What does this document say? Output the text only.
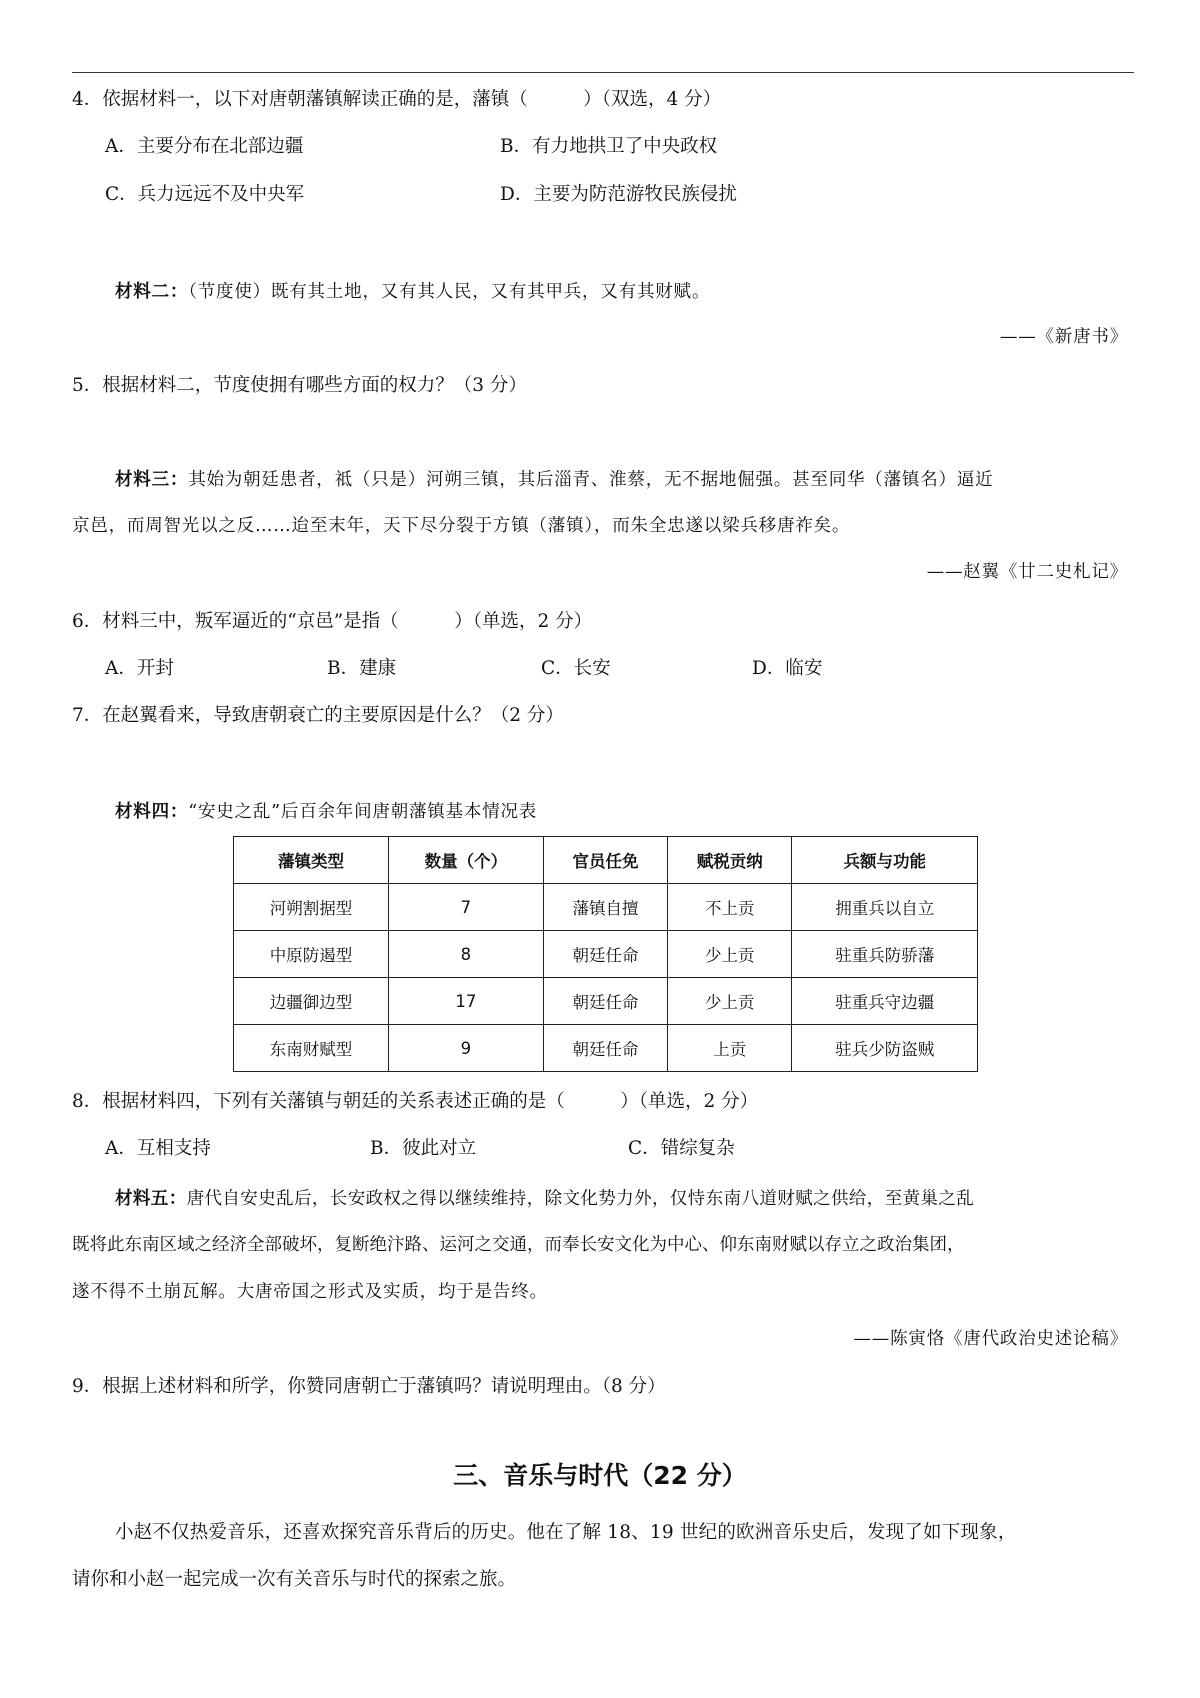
4．依据材料一，以下对唐朝藩镇解读正确的是，藩镇（　　　）（双选，4 分）
A．主要分布在北部边疆	B．有力地拱卫了中央政权
C．兵力远远不及中央军	D．主要为防范游牧民族侵扰
材料二：（节度使）既有其土地，又有其人民，又有其甲兵，又有其财赋。
——《新唐书》
5．根据材料二，节度使拥有哪些方面的权力？（3 分）
材料三：其始为朝廷患者，祗（只是）河朔三镇，其后淄青、淮蔡，无不据地倔强。甚至同华（藩镇名）逼近
京邑，而周智光以之反……迨至末年，天下尽分裂于方镇（藩镇），而朱全忠遂以梁兵移唐祚矣。
——赵翼《廿二史札记》
6．材料三中，叛军逼近的“京邑”是指（　　　）（单选，2 分）
A．开封	B．建康	C．长安	D．临安
7．在赵翼看来，导致唐朝衰亡的主要原因是什么？（2 分）
材料四：“安史之乱”后百余年间唐朝藩镇基本情况表
藩镇类型	数量（个）	官员任免	赋税贡纳	兵额与功能
河朔割据型	7	藩镇自擅	不上贡	拥重兵以自立
中原防遏型	8	朝廷任命	少上贡	驻重兵防骄藩
边疆御边型	17	朝廷任命	少上贡	驻重兵守边疆
东南财赋型	9	朝廷任命	上贡	驻兵少防盗贼
8．根据材料四，下列有关藩镇与朝廷的关系表述正确的是（　　　）（单选，2 分）
A．互相支持	B．彼此对立	C．错综复杂
材料五：唐代自安史乱后，长安政权之得以继续维持，除文化势力外，仅恃东南八道财赋之供给，至黄巢之乱
既将此东南区域之经济全部破坏，复断绝汴路、运河之交通，而奉长安文化为中心、仰东南财赋以存立之政治集团，
遂不得不土崩瓦解。大唐帝国之形式及实质，均于是告终。
——陈寅恪《唐代政治史述论稿》
9．根据上述材料和所学，你赞同唐朝亡于藩镇吗？请说明理由。（8 分）
三、音乐与时代（22 分）
小赵不仅热爱音乐，还喜欢探究音乐背后的历史。他在了解 18、19 世纪的欧洲音乐史后，发现了如下现象，
请你和小赵一起完成一次有关音乐与时代的探索之旅。
